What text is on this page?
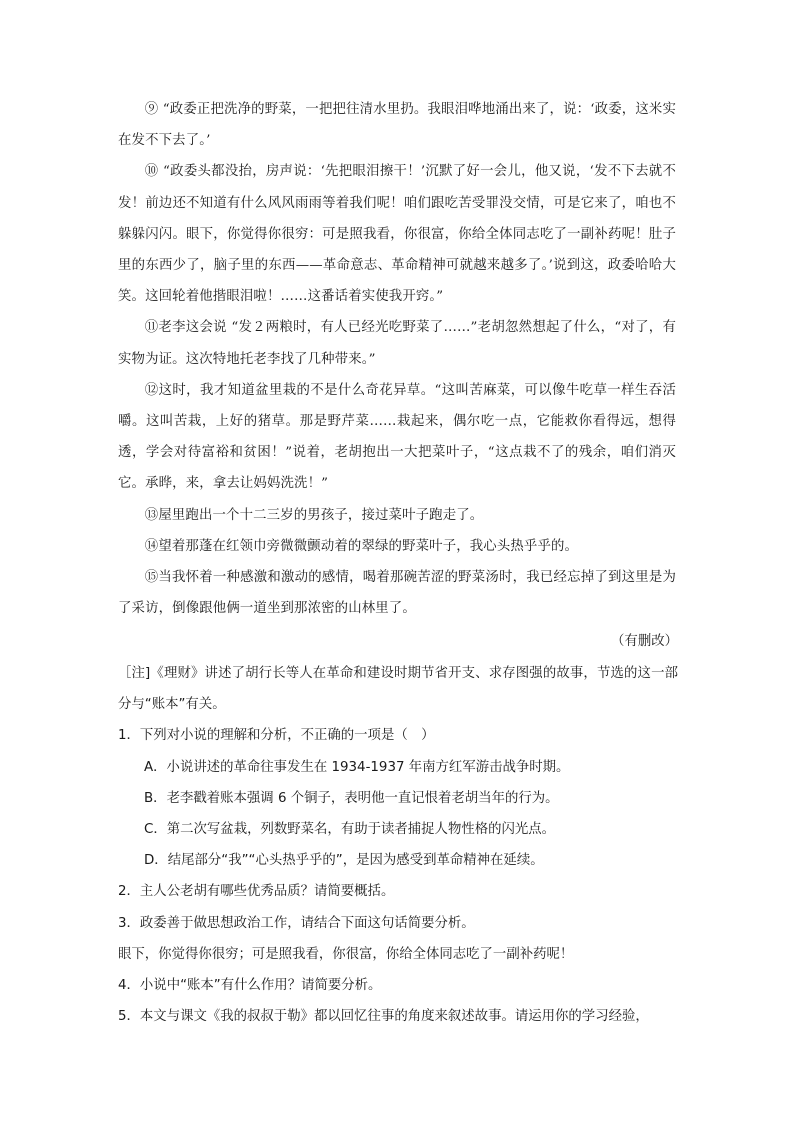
⑨ “政委正把洗净的野菜，一把把往清水里扔。我眼泪哗地涌出来了，说：‘政委，这米实在发不下去了。’

⑩ “政委头都没抬，房声说：‘先把眼泪擦干！’沉默了好一会儿，他又说，‘发不下去就不发！前边还不知道有什么风风雨雨等着我们呢！咱们跟吃苦受罪没交情，可是它来了，咱也不躲躲闪闪。眼下，你觉得你很穷：可是照我看，你很富，你给全体同志吃了一副补药呢！肚子里的东西少了，脑子里的东西——革命意志、革命精神可就越来越多了。’说到这，政委哈哈大笑。这回轮着他揩眼泪啦！……这番话着实使我开窍。”

⑪老李这会说 “发２两粮时，有人已经光吃野菜了……”老胡忽然想起了什么，“对了，有实物为证。这次特地托老李找了几种带来。”

⑫这时，我才知道盆里栽的不是什么奇花异草。“这叫苦麻菜，可以像牛吃草一样生吞活嚼。这叫苦栽，上好的猪草。那是野芹菜……栽起来，偶尔吃一点，它能救你看得远，想得透，学会对待富裕和贫困！”说着，老胡抱出一大把菜叶子，“这点栽不了的残余，咱们消灭它。承晔，来，拿去让妈妈洗洗！”

⑬屋里跑出一个十二三岁的男孩子，接过菜叶子跑走了。

⑭望着那蓬在红领巾旁微微颤动着的翠绿的野菜叶子，我心头热乎乎的。

⑮当我怀着一种感激和激动的感情，喝着那碗苦涩的野菜汤时，我已经忘掉了到这里是为了采访，倒像跟他俩一道坐到那浓密的山林里了。

（有删改）

［注]《理财》讲述了胡行长等人在革命和建设时期节省开支、求存图强的故事，节选的这一部分与“账本”有关。

1．下列对小说的理解和分析，不正确的一项是（　）

A．小说讲述的革命往事发生在 1934-1937 年南方红军游击战争时期。

B．老李戳着账本强调 6 个铜子，表明他一直记恨着老胡当年的行为。

C．第二次写盆栽，列数野菜名，有助于读者捕捉人物性格的闪光点。

D．结尾部分“我”“心头热乎乎的”，是因为感受到革命精神在延续。

2．主人公老胡有哪些优秀品质？请简要概括。

3．政委善于做思想政治工作，请结合下面这句话简要分析。

眼下，你觉得你很穷；可是照我看，你很富，你给全体同志吃了一副补药呢！

4．小说中“账本”有什么作用？请简要分析。

5．本文与课文《我的叔叔于勒》都以回忆往事的角度来叙述故事。请运用你的学习经验，
